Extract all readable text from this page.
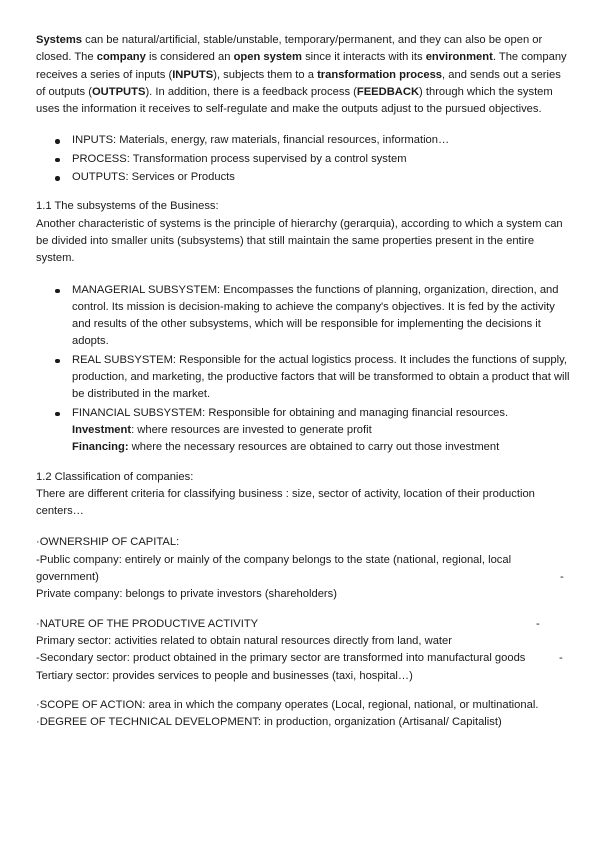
Systems can be natural/artificial, stable/unstable, temporary/permanent, and they can also be open or closed. The company is considered an open system since it interacts with its environment. The company receives a series of inputs (INPUTS), subjects them to a transformation process, and sends out a series of outputs (OUTPUTS). In addition, there is a feedback process (FEEDBACK) through which the system uses the information it receives to self-regulate and make the outputs adjust to the pursued objectives.

INPUTS: Materials, energy, raw materials, financial resources, information…
PROCESS: Transformation process supervised by a control system
OUTPUTS: Services or Products

1.1 The subsystems of the Business:

Another characteristic of systems is the principle of hierarchy (gerarquia), according to which a system can be divided into smaller units (subsystems) that still maintain the same properties present in the entire system.

MANAGERIAL SUBSYSTEM: Encompasses the functions of planning, organization, direction, and control. Its mission is decision-making to achieve the company's objectives. It is fed by the activity and results of the other subsystems, which will be responsible for implementing the decisions it adopts.
REAL SUBSYSTEM: Responsible for the actual logistics process. It includes the functions of supply, production, and marketing, the productive factors that will be transformed to obtain a product that will be distributed in the market.
FINANCIAL SUBSYSTEM: Responsible for obtaining and managing financial resources.
Investment: where resources are invested to generate profit
Financing: where the necessary resources are obtained to carry out those investment

1.2 Classification of companies:

There are different criteria for classifying business : size, sector of activity, location of their production centers…

·OWNERSHIP OF CAPITAL:
-Public company: entirely or mainly of the company belongs to the state (national, regional, local
government)	-
Private company: belongs to private investors (shareholders)
·NATURE OF THE PRODUCTIVE ACTIVITY	-
Primary sector: activities related to obtain natural resources directly from land, water
-Secondary sector: product obtained in the primary sector are transformed into manufactural goods	-
Tertiary sector: provides services to people and businesses (taxi, hospital…)
·SCOPE OF ACTION: area in which the company operates (Local, regional, national, or multinational.
·DEGREE OF TECHNICAL DEVELOPMENT: in production, organization (Artisanal/ Capitalist)
